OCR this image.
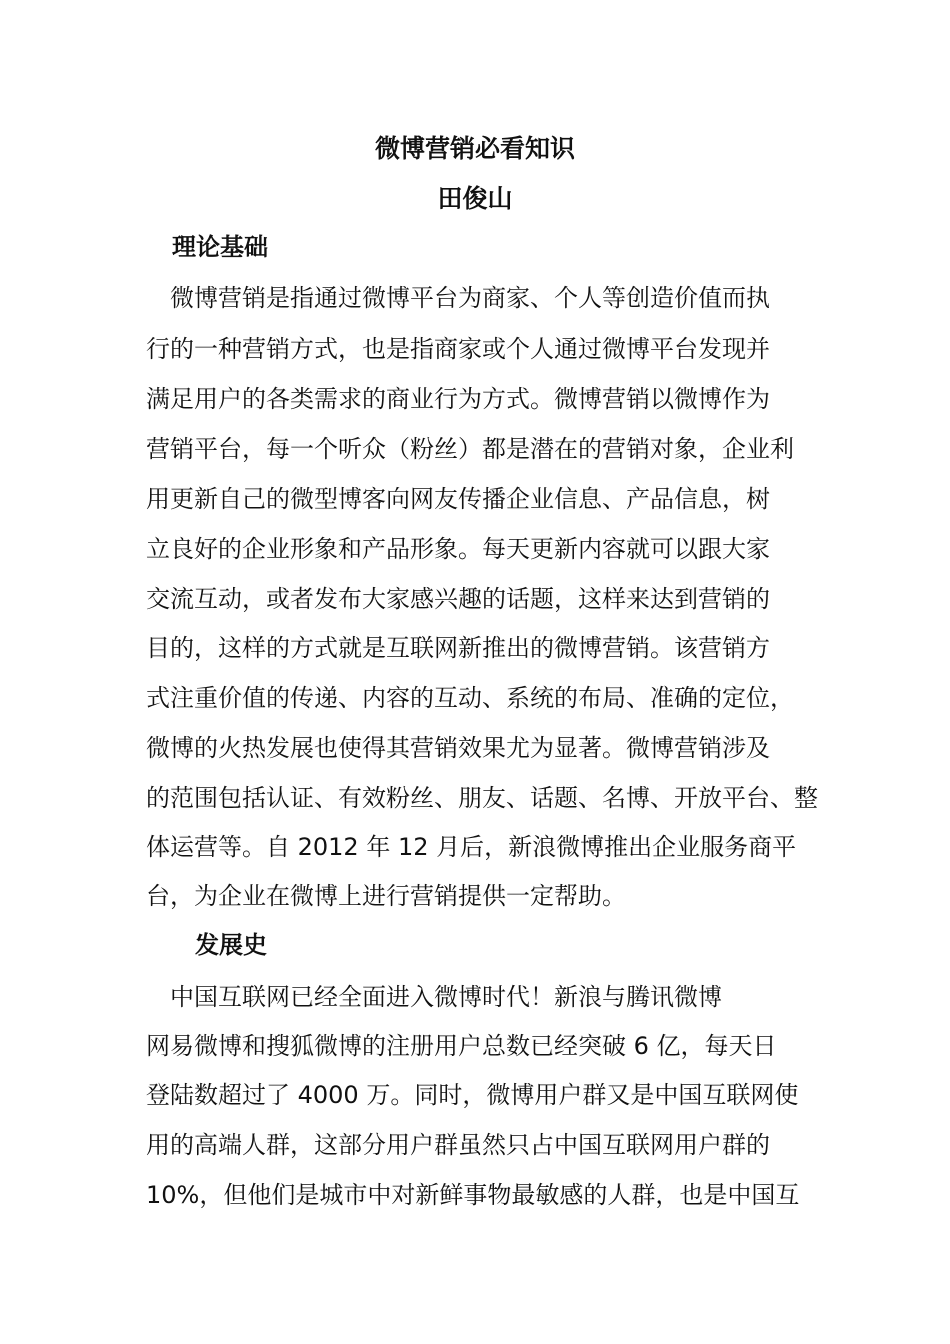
微博营销必看知识
田俊山
理论基础
　微博营销是指通过微博平台为商家、个人等创造价值而执
行的一种营销方式，也是指商家或个人通过微博平台发现并
满足用户的各类需求的商业行为方式。微博营销以微博作为
营销平台，每一个听众（粉丝）都是潜在的营销对象，企业利
用更新自己的微型博客向网友传播企业信息、产品信息，树
立良好的企业形象和产品形象。每天更新内容就可以跟大家
交流互动，或者发布大家感兴趣的话题，这样来达到营销的
目的，这样的方式就是互联网新推出的微博营销。该营销方
式注重价值的传递、内容的互动、系统的布局、准确的定位，
微博的火热发展也使得其营销效果尤为显著。微博营销涉及
的范围包括认证、有效粉丝、朋友、话题、名博、开放平台、整
体运营等。自 2012 年 12 月后，新浪微博推出企业服务商平
台，为企业在微博上进行营销提供一定帮助。
发展史
　中国互联网已经全面进入微博时代！新浪与腾讯微博
网易微博和搜狐微博的注册用户总数已经突破 6 亿，每天日
登陆数超过了 4000 万。同时，微博用户群又是中国互联网使
用的高端人群，这部分用户群虽然只占中国互联网用户群的
10%，但他们是城市中对新鲜事物最敏感的人群，也是中国互
